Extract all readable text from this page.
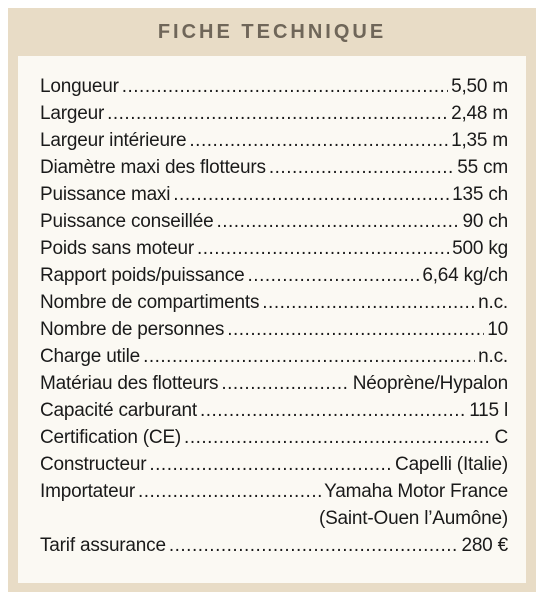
FICHE TECHNIQUE
Longueur .....	5,50 m
Largeur .....	2,48 m
Largeur intérieure .....	1,35 m
Diamètre maxi des flotteurs .....	55 cm
Puissance maxi .....	135 ch
Puissance conseillée .....	90 ch
Poids sans moteur .....	500 kg
Rapport poids/puissance .....	6,64 kg/ch
Nombre de compartiments .....	n.c.
Nombre de personnes .....	10
Charge utile .....	n.c.
Matériau des flotteurs .....	Néoprène/Hypalon
Capacité carburant .....	115 l
Certification (CE) .....	C
Constructeur .....	Capelli (Italie)
Importateur .....	Yamaha Motor France
(Saint-Ouen l’Aumône)
Tarif assurance .....	280 €
